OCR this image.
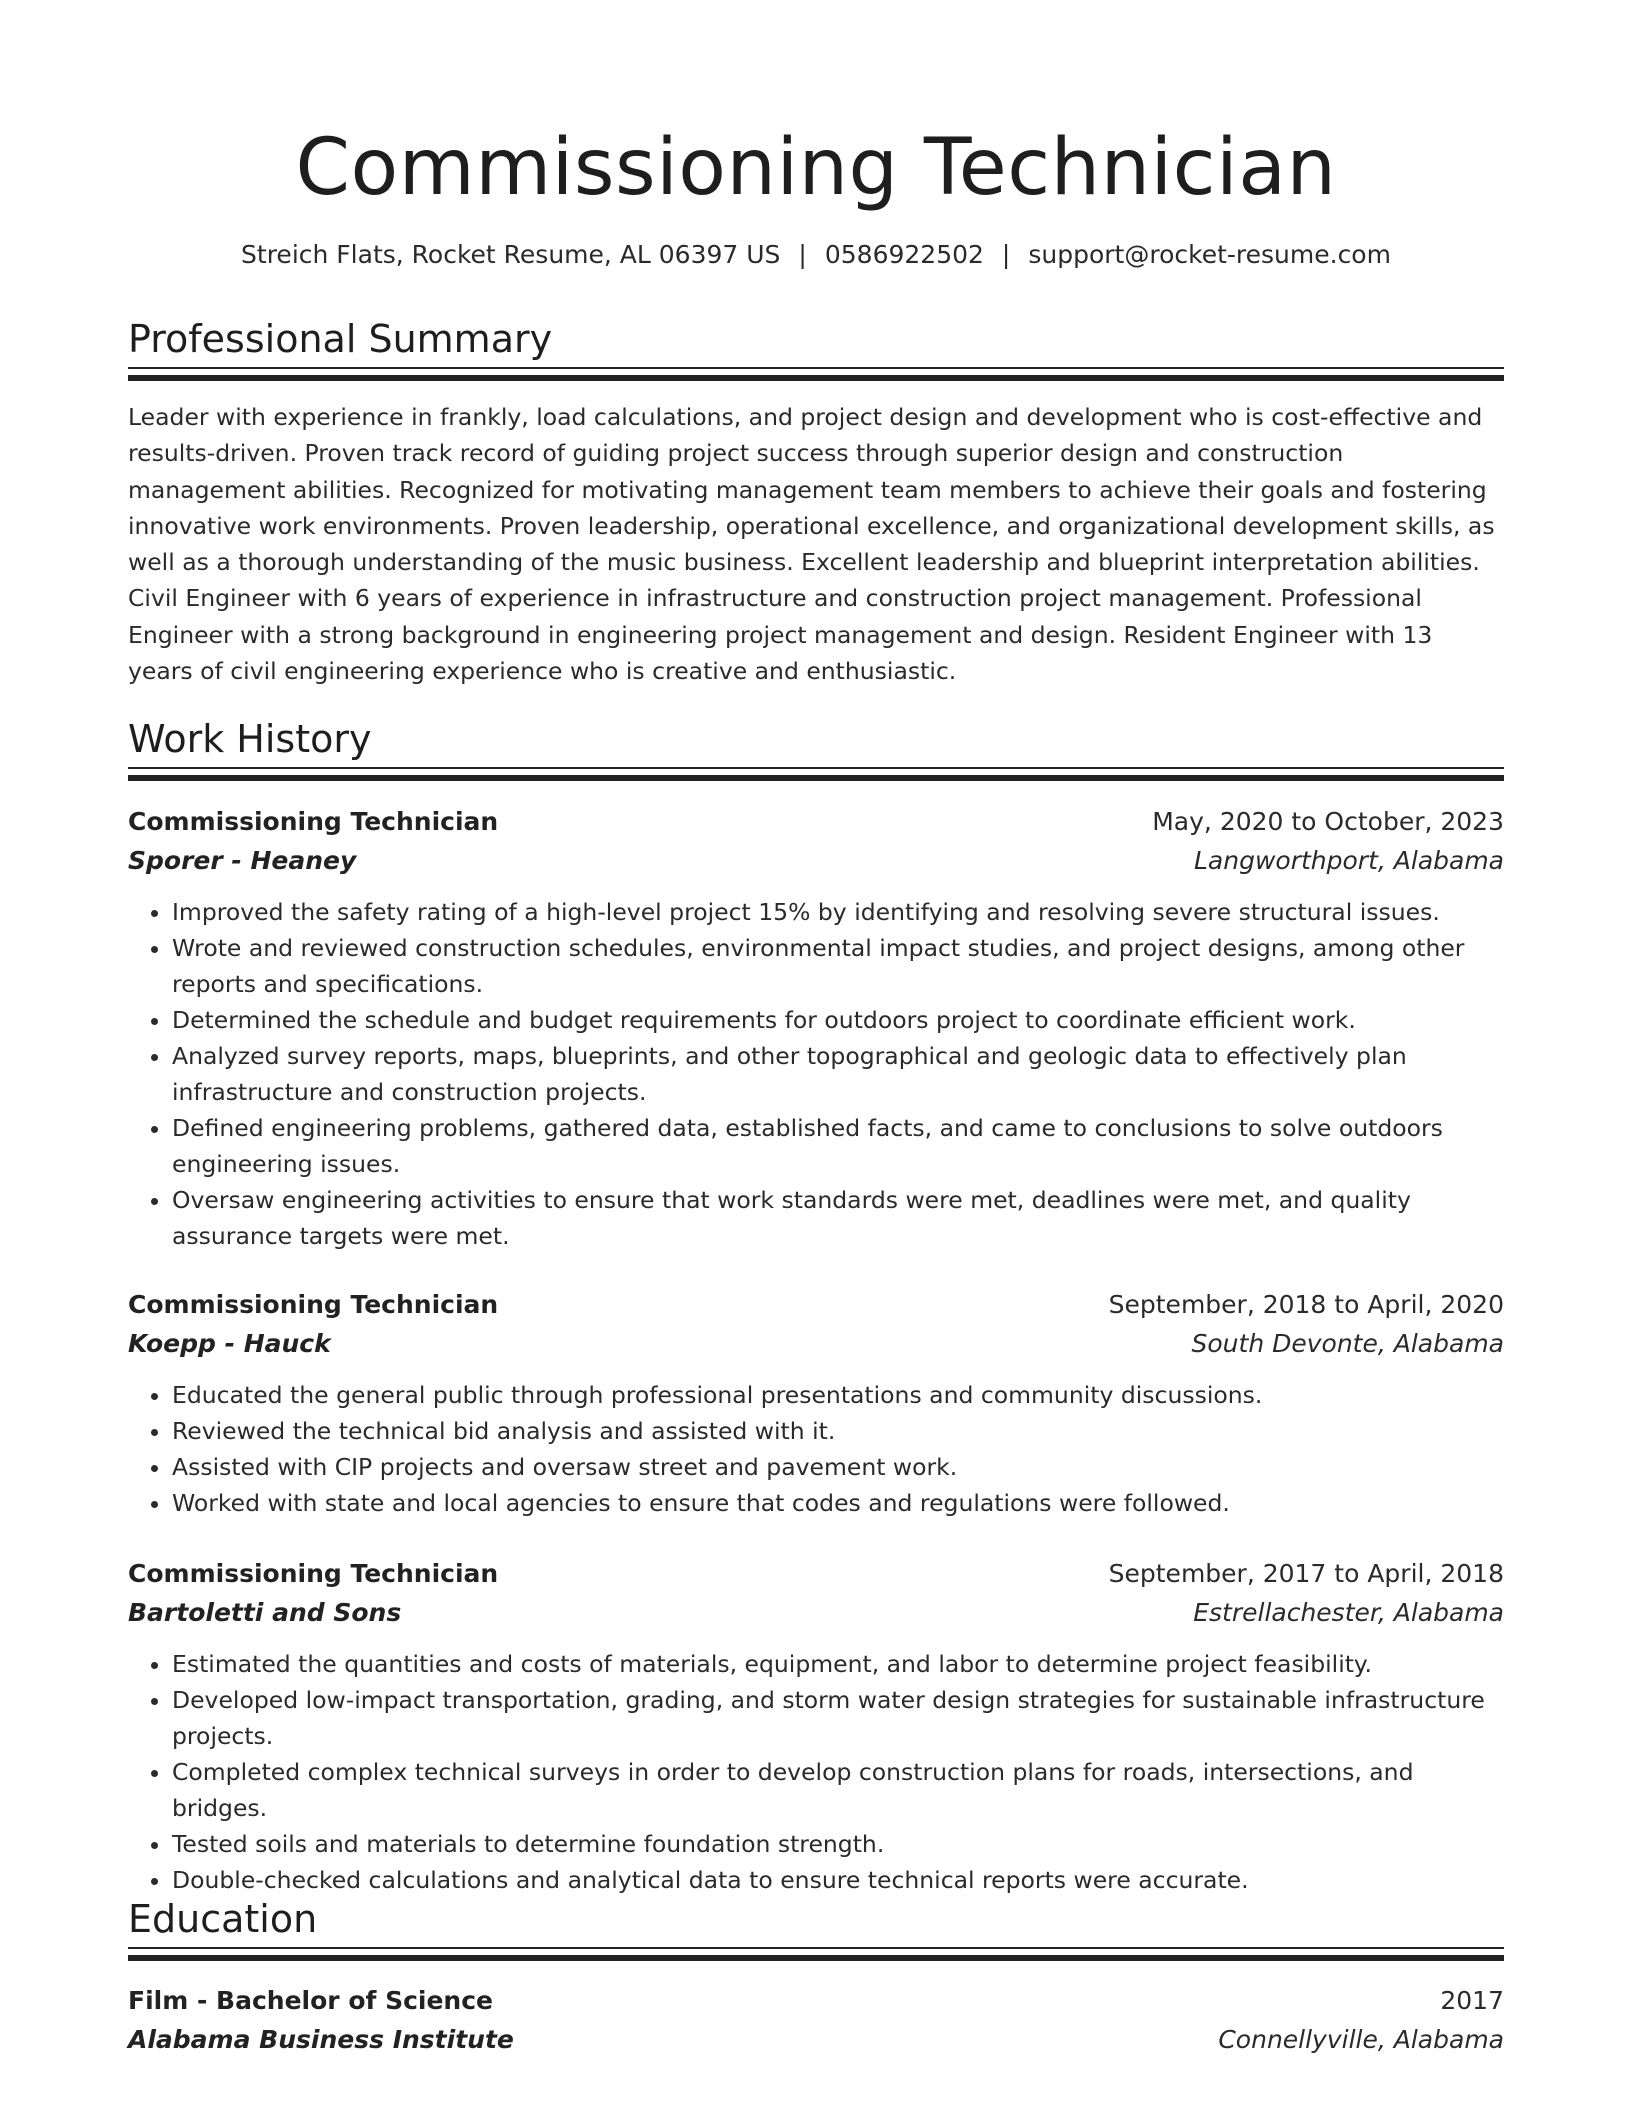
Commissioning Technician
Streich Flats, Rocket Resume, AL 06397 US | 0586922502 | support@rocket-resume.com
Professional Summary

Leader with experience in frankly, load calculations, and project design and development who is cost-effective and results-driven. Proven track record of guiding project success through superior design and construction management abilities. Recognized for motivating management team members to achieve their goals and fostering innovative work environments. Proven leadership, operational excellence, and organizational development skills, as well as a thorough understanding of the music business. Excellent leadership and blueprint interpretation abilities. Civil Engineer with 6 years of experience in infrastructure and construction project management. Professional Engineer with a strong background in engineering project management and design. Resident Engineer with 13 years of civil engineering experience who is creative and enthusiastic.

Work History
Commissioning Technician	May, 2020 to October, 2023
Sporer - Heaney	Langworthport, Alabama
• Improved the safety rating of a high-level project 15% by identifying and resolving severe structural issues.
• Wrote and reviewed construction schedules, environmental impact studies, and project designs, among other reports and specifications.
• Determined the schedule and budget requirements for outdoors project to coordinate efficient work.
• Analyzed survey reports, maps, blueprints, and other topographical and geologic data to effectively plan infrastructure and construction projects.
• Defined engineering problems, gathered data, established facts, and came to conclusions to solve outdoors engineering issues.
• Oversaw engineering activities to ensure that work standards were met, deadlines were met, and quality assurance targets were met.
Commissioning Technician	September, 2018 to April, 2020
Koepp - Hauck	South Devonte, Alabama
• Educated the general public through professional presentations and community discussions.
• Reviewed the technical bid analysis and assisted with it.
• Assisted with CIP projects and oversaw street and pavement work.
• Worked with state and local agencies to ensure that codes and regulations were followed.
Commissioning Technician	September, 2017 to April, 2018
Bartoletti and Sons	Estrellachester, Alabama
• Estimated the quantities and costs of materials, equipment, and labor to determine project feasibility.
• Developed low-impact transportation, grading, and storm water design strategies for sustainable infrastructure projects.
• Completed complex technical surveys in order to develop construction plans for roads, intersections, and bridges.
• Tested soils and materials to determine foundation strength.
• Double-checked calculations and analytical data to ensure technical reports were accurate.
Education
Film - Bachelor of Science	2017
Alabama Business Institute	Connellyville, Alabama
